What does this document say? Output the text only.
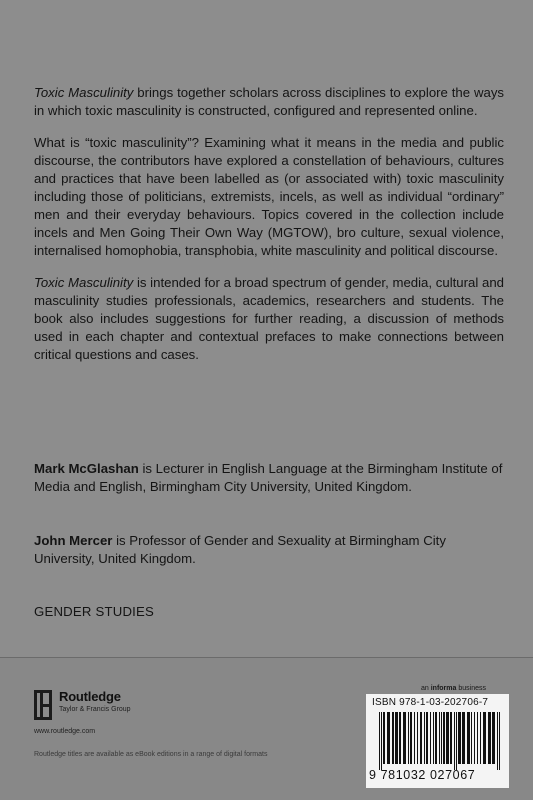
Toxic Masculinity brings together scholars across disciplines to explore the ways in which toxic masculinity is constructed, configured and represented online.

What is “toxic masculinity”? Examining what it means in the media and public discourse, the contributors have explored a constellation of behaviours, cultures and practices that have been labelled as (or associated with) toxic masculinity including those of politicians, extremists, incels, as well as individual “ordinary” men and their everyday behaviours. Topics covered in the collection include incels and Men Going Their Own Way (MGTOW), bro culture, sexual violence, internalised homophobia, transphobia, white masculinity and political discourse.

Toxic Masculinity is intended for a broad spectrum of gender, media, cultural and masculinity studies professionals, academics, researchers and students. The book also includes suggestions for further reading, a discussion of methods used in each chapter and contextual prefaces to make connections between critical questions and cases.

Mark McGlashan is Lecturer in English Language at the Birmingham Institute of Media and English, Birmingham City University, United Kingdom.
John Mercer is Professor of Gender and Sexuality at Birmingham City University, United Kingdom.
GENDER STUDIES
Routledge
Taylor & Francis Group
www.routledge.com
Routledge titles are available as eBook editions in a range of digital formats
an informa business
ISBN 978-1-03-202706-7
9 781032 027067
